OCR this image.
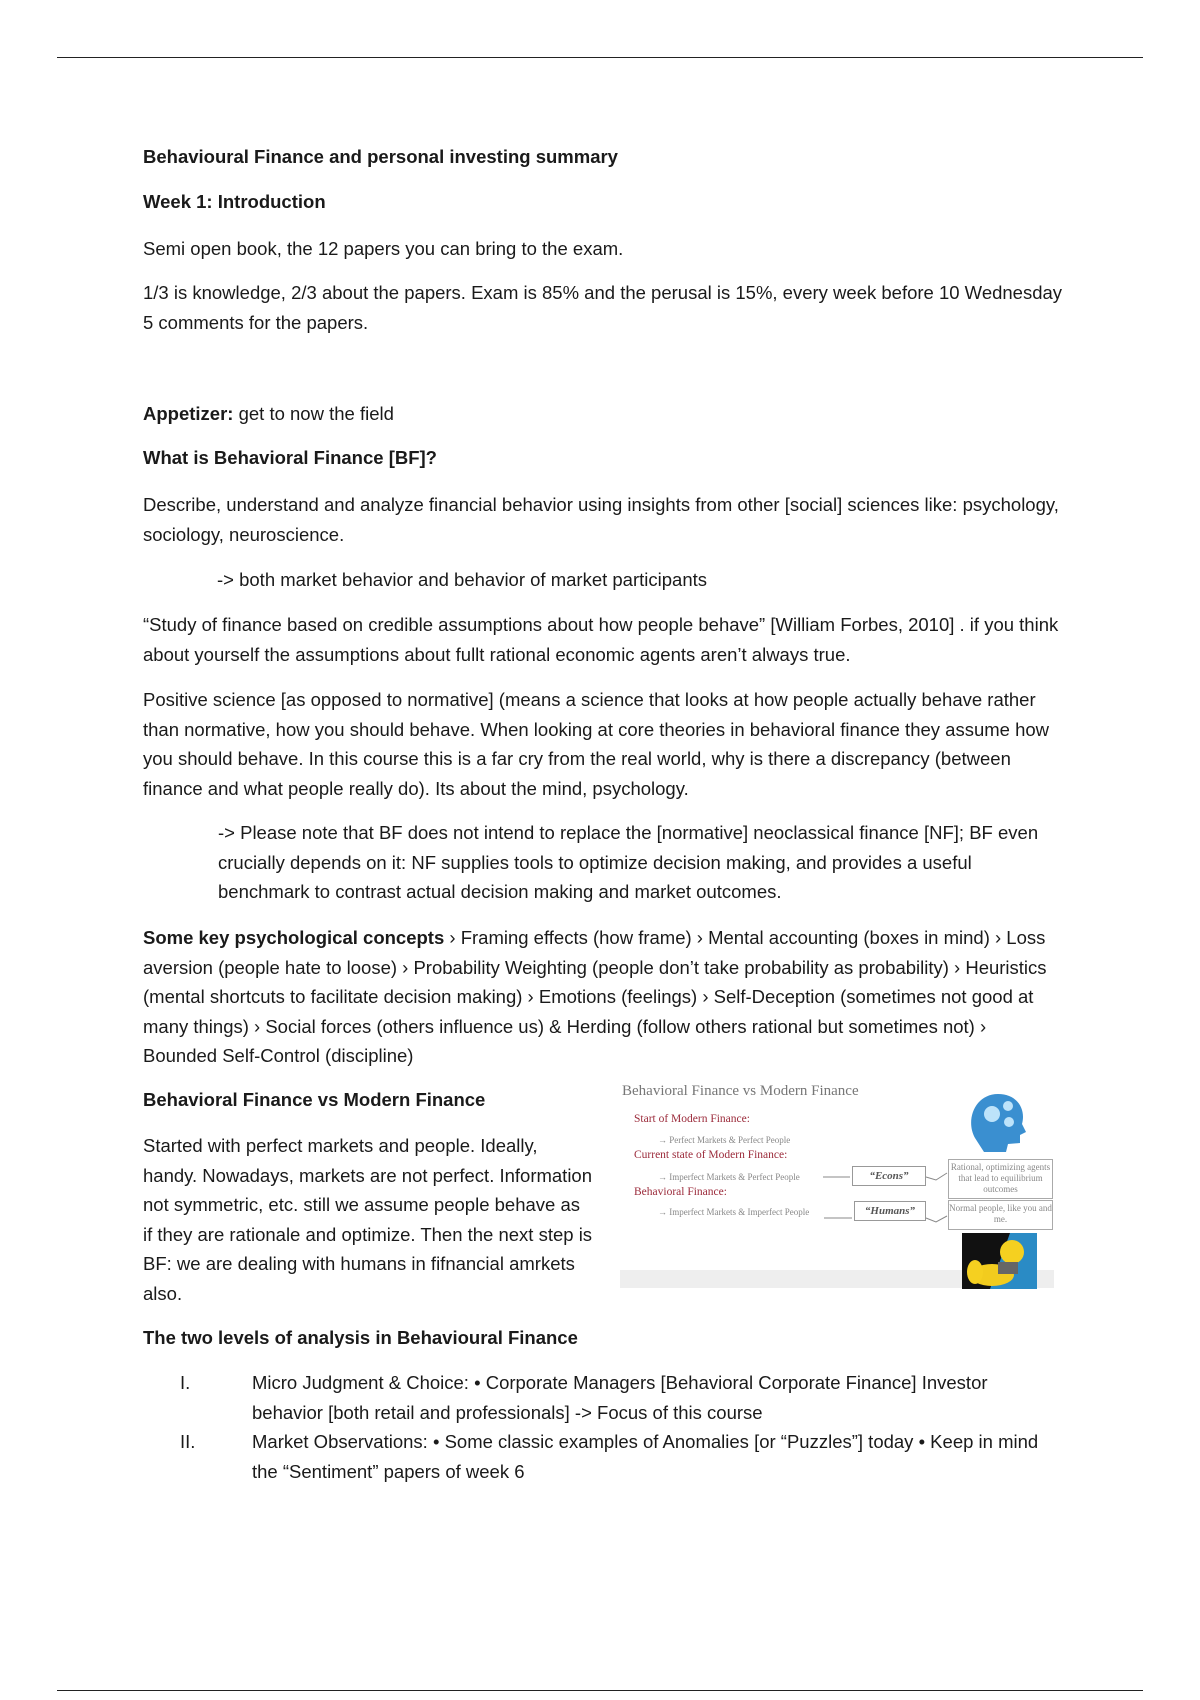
Behavioural Finance and personal investing summary

Week 1: Introduction

Semi open book, the 12 papers you can bring to the exam.

1/3 is knowledge, 2/3 about the papers. Exam is 85% and the perusal is 15%, every week before 10 Wednesday 5 comments for the papers.

Appetizer: get to now the field

What is Behavioral Finance [BF]?

Describe, understand and analyze financial behavior using insights from other [social] sciences like: psychology, sociology, neuroscience.

-> both market behavior and behavior of market participants

“Study of finance based on credible assumptions about how people behave” [William Forbes, 2010] . if you think about yourself the assumptions about fullt rational economic agents aren’t always true.

Positive science [as opposed to normative] (means a science that looks at how people actually behave rather than normative, how you should behave. When looking at core theories in behavioral finance they assume how you should behave. In this course this is a far cry from the real world, why is there a discrepancy (between finance and what people really do). Its about the mind, psychology.

-> Please note that BF does not intend to replace the [normative] neoclassical finance [NF]; BF even crucially depends on it: NF supplies tools to optimize decision making, and provides a useful benchmark to contrast actual decision making and market outcomes.

Some key psychological concepts › Framing effects (how frame) › Mental accounting (boxes in mind) › Loss aversion (people hate to loose) › Probability Weighting (people don’t take probability as probability) › Heuristics (mental shortcuts to facilitate decision making) › Emotions (feelings) › Self-Deception (sometimes not good at many things) › Social forces (others influence us) & Herding (follow others rational but sometimes not) › Bounded Self-Control (discipline)

Behavioral Finance vs Modern Finance

Started with perfect markets and people. Ideally, handy. Nowadays, markets are not perfect. Information not symmetric, etc. still we assume people behave as if they are rationale and optimize. Then the next step is BF: we are dealing with humans in fifnancial amrkets also.

Behavioral Finance vs Modern Finance
Start of Modern Finance:
→ Perfect Markets & Perfect People
Current state of Modern Finance:
→ Imperfect Markets & Perfect People
Behavioral Finance:
→ Imperfect Markets & Imperfect People
“Econs”
“Humans”
Rational, optimizing agents that lead to equilibrium outcomes
Normal people, like you and me.

The two levels of analysis in Behavioural Finance

I.	Micro Judgment & Choice: • Corporate Managers [Behavioral Corporate Finance] Investor behavior [both retail and professionals] -> Focus of this course
II.	Market Observations: • Some classic examples of Anomalies [or “Puzzles”] today • Keep in mind the “Sentiment” papers of week 6
